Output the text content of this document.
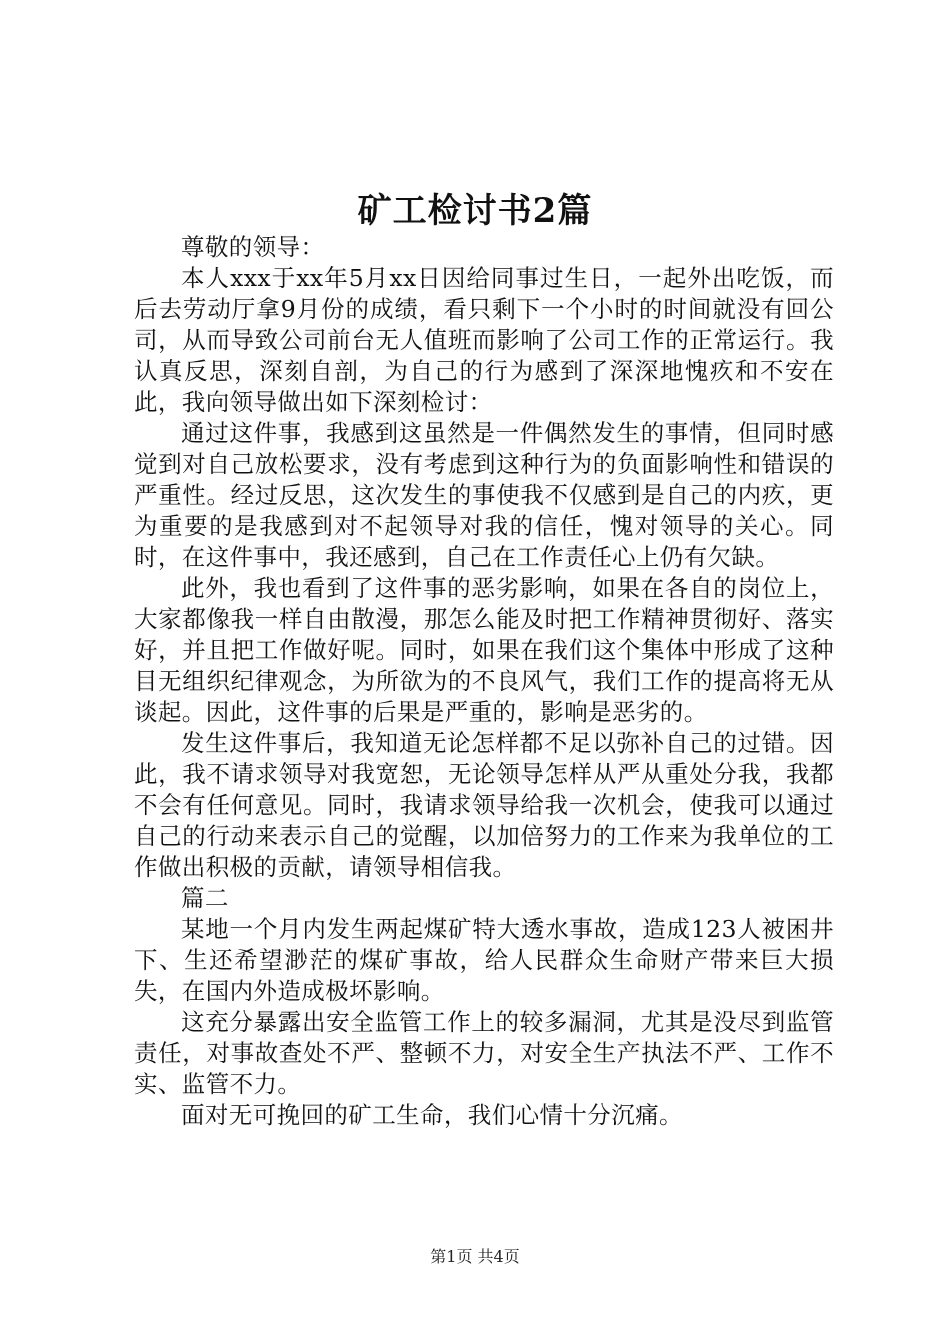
矿工检讨书2篇

尊敬的领导：

本人xxx于xx年5月xx日因给同事过生日，一起外出吃饭，而后去劳动厅拿9月份的成绩，看只剩下一个小时的时间就没有回公司，从而导致公司前台无人值班而影响了公司工作的正常运行。我认真反思，深刻自剖，为自己的行为感到了深深地愧疚和不安在此，我向领导做出如下深刻检讨：

通过这件事，我感到这虽然是一件偶然发生的事情，但同时感觉到对自己放松要求，没有考虑到这种行为的负面影响性和错误的严重性。经过反思，这次发生的事使我不仅感到是自己的内疚，更为重要的是我感到对不起领导对我的信任，愧对领导的关心。同时，在这件事中，我还感到，自己在工作责任心上仍有欠缺。

此外，我也看到了这件事的恶劣影响，如果在各自的岗位上，大家都像我一样自由散漫，那怎么能及时把工作精神贯彻好、落实好，并且把工作做好呢。同时，如果在我们这个集体中形成了这种目无组织纪律观念，为所欲为的不良风气，我们工作的提高将无从谈起。因此，这件事的后果是严重的，影响是恶劣的。

发生这件事后，我知道无论怎样都不足以弥补自己的过错。因此，我不请求领导对我宽恕，无论领导怎样从严从重处分我，我都不会有任何意见。同时，我请求领导给我一次机会，使我可以通过自己的行动来表示自己的觉醒，以加倍努力的工作来为我单位的工作做出积极的贡献，请领导相信我。

篇二

某地一个月内发生两起煤矿特大透水事故，造成123人被困井下、生还希望渺茫的煤矿事故，给人民群众生命财产带来巨大损失，在国内外造成极坏影响。

这充分暴露出安全监管工作上的较多漏洞，尤其是没尽到监管责任，对事故查处不严、整顿不力，对安全生产执法不严、工作不实、监管不力。

面对无可挽回的矿工生命，我们心情十分沉痛。

第1页 共4页
